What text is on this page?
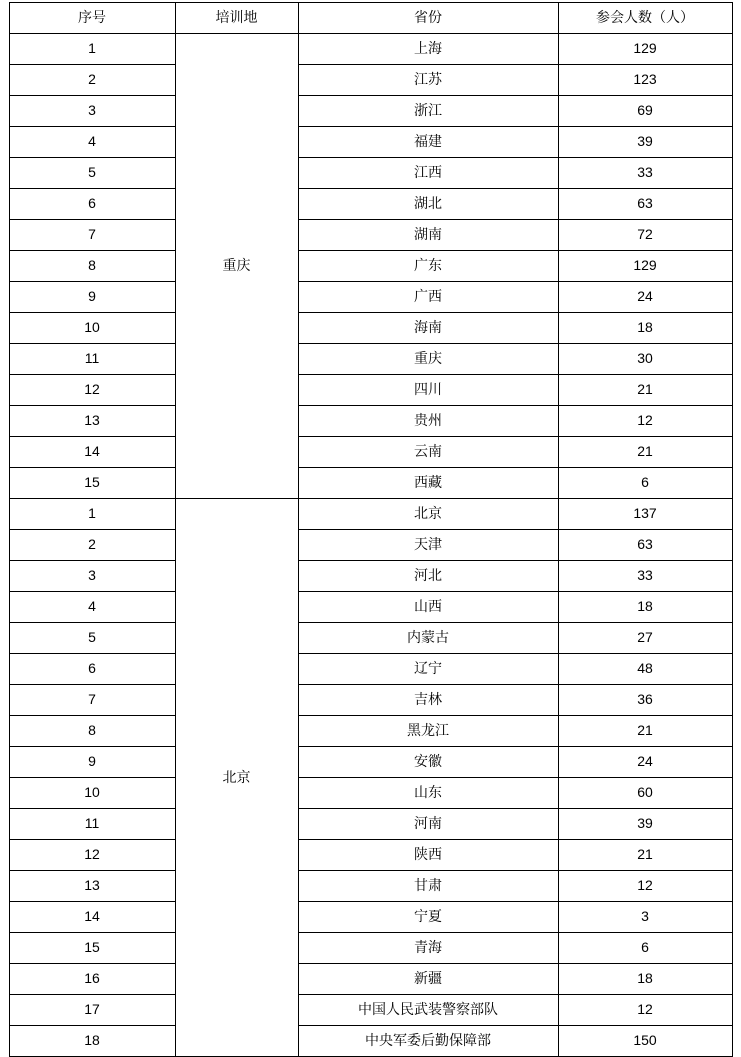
序号	培训地	省份	参会人数（人）
1	重庆	上海	129
2		江苏	123
3		浙江	69
4		福建	39
5		江西	33
6		湖北	63
7		湖南	72
8		广东	129
9		广西	24
10		海南	18
11		重庆	30
12		四川	21
13		贵州	12
14		云南	21
15		西藏	6
1	北京	北京	137
2		天津	63
3		河北	33
4		山西	18
5		内蒙古	27
6		辽宁	48
7		吉林	36
8		黑龙江	21
9		安徽	24
10		山东	60
11		河南	39
12		陕西	21
13		甘肃	12
14		宁夏	3
15		青海	6
16		新疆	18
17		中国人民武装警察部队	12
18		中央军委后勤保障部	150
